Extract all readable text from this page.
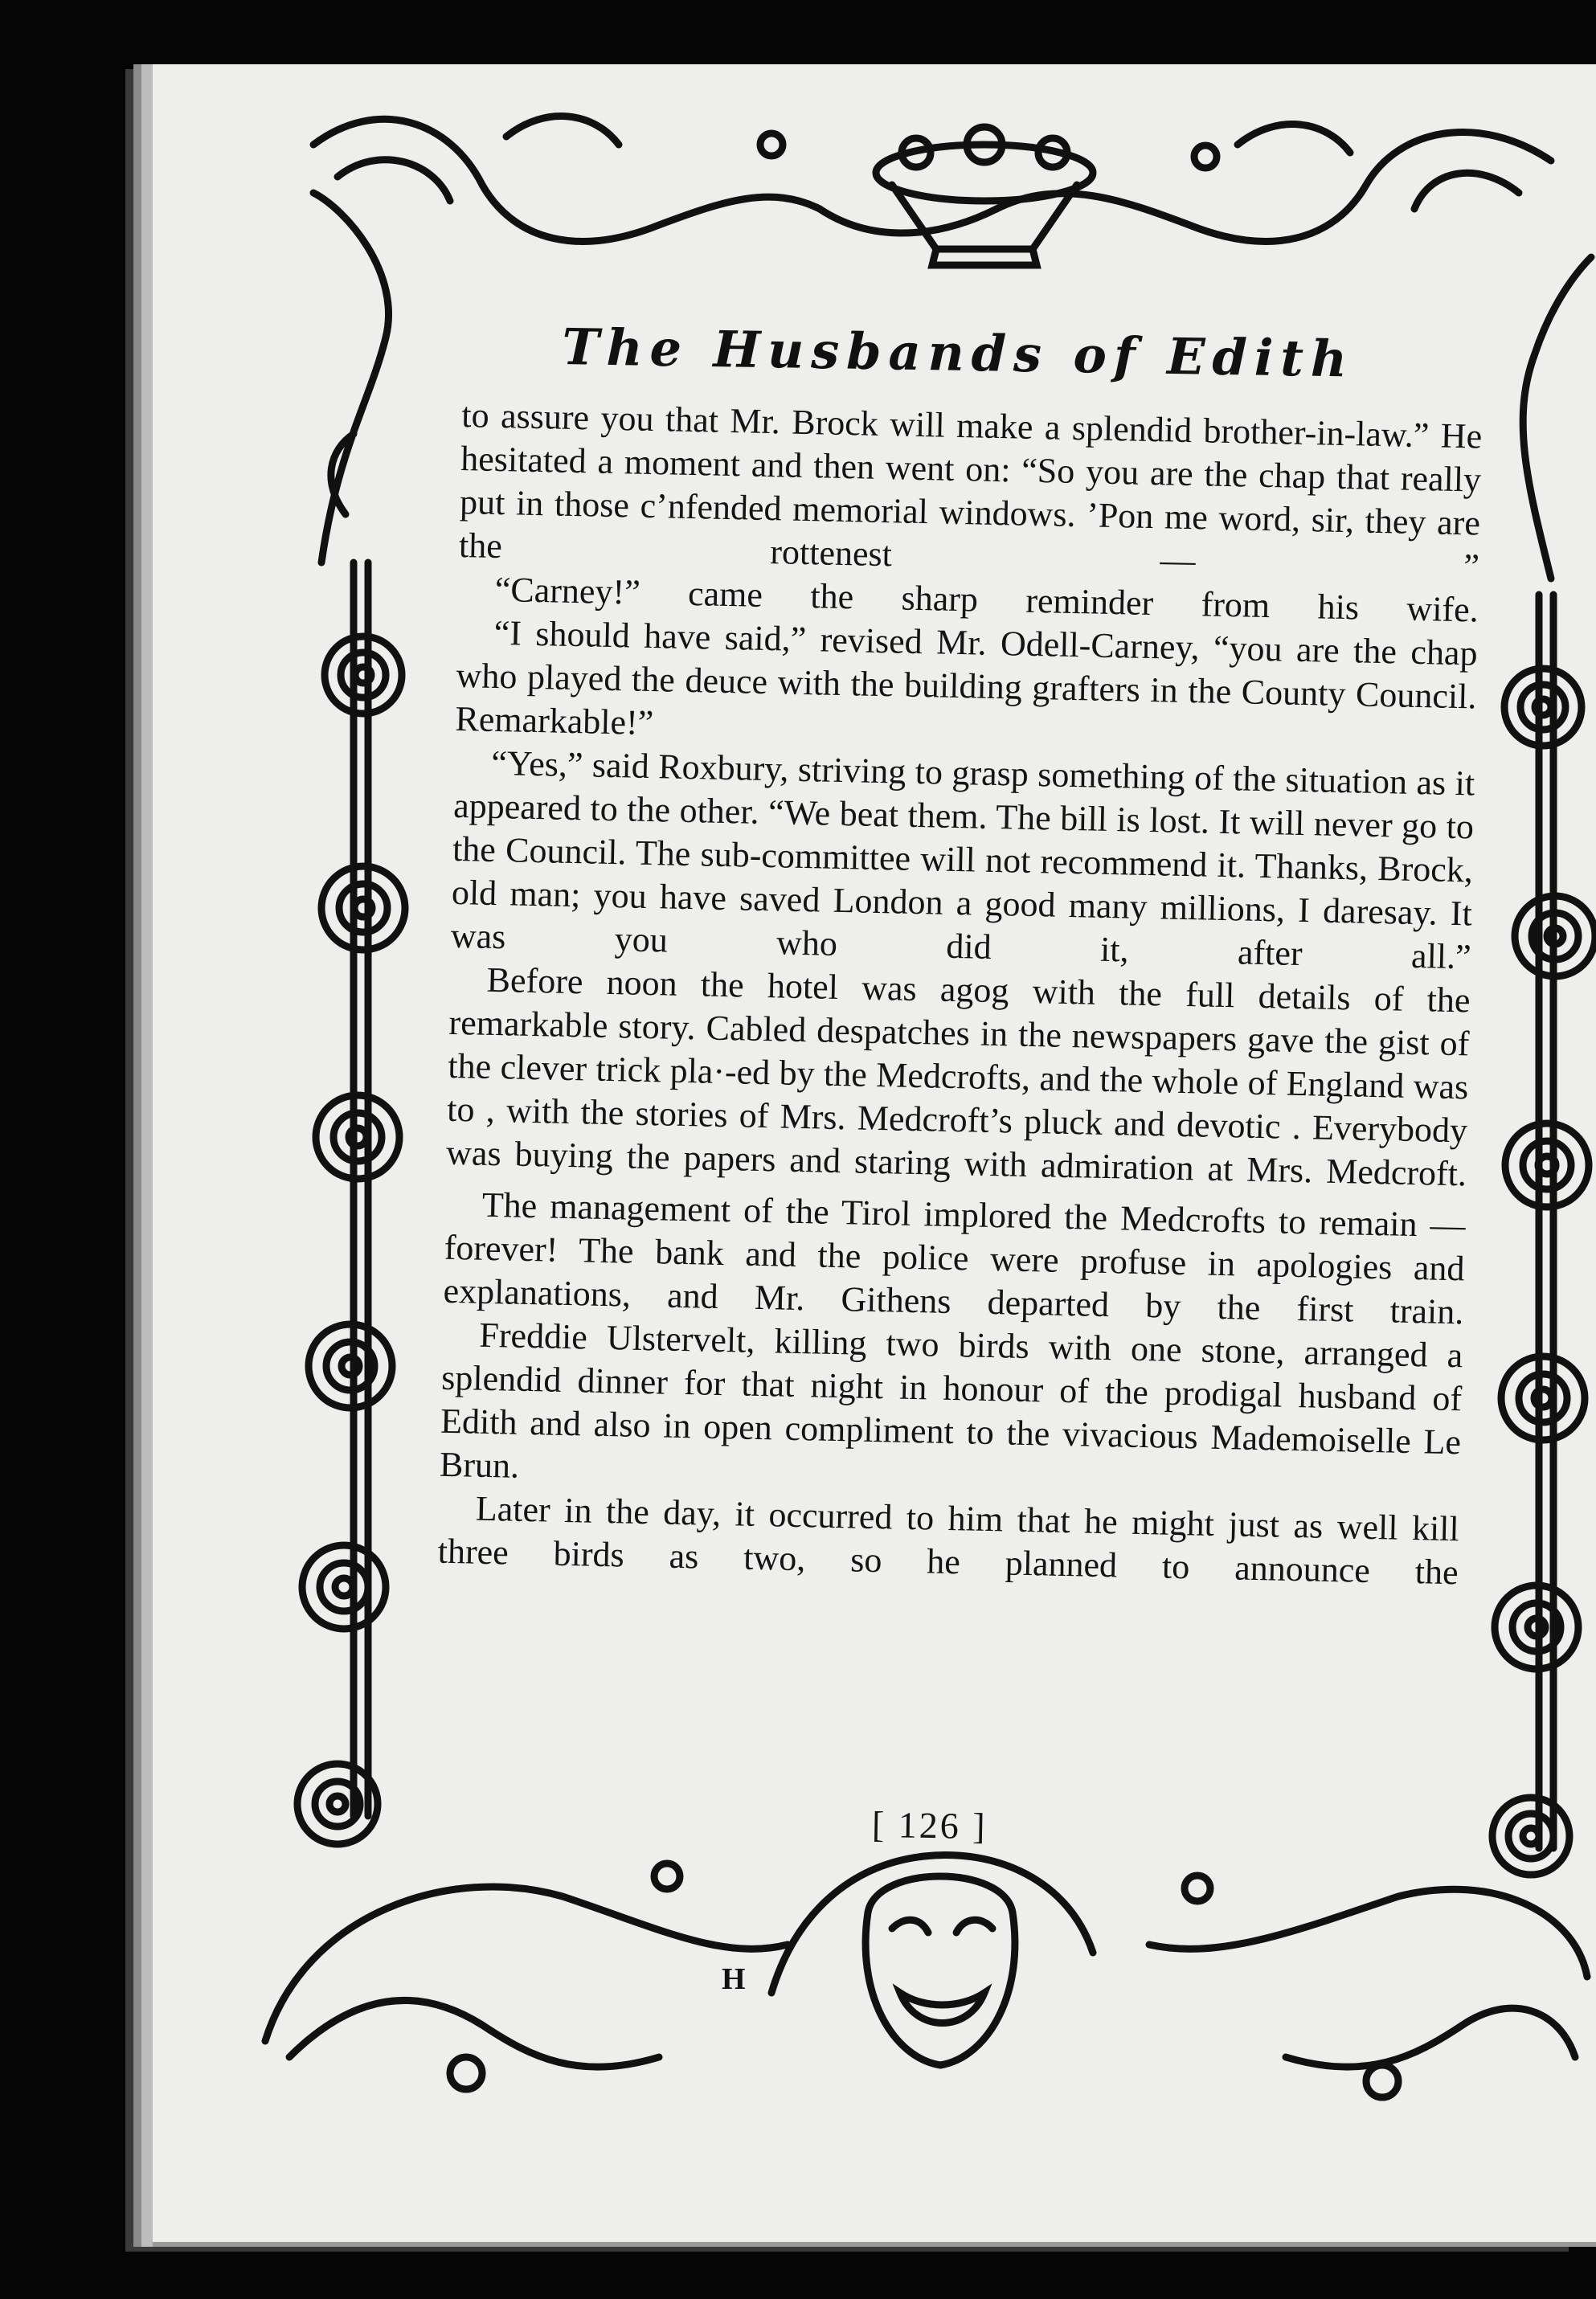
H
The Husbands of Edith

to assure you that Mr. Brock will make a splendid brother-in-law.” He hesitated a moment and then went on: “So you are the chap that really put in those c’nfended memorial windows. ’Pon me word, sir, they are the rottenest — ”

“Carney!” came the sharp reminder from his wife.

“I should have said,” revised Mr. Odell-Carney, “you are the chap who played the deuce with the building grafters in the County Council. Remarkable!”

“Yes,” said Roxbury, striving to grasp something of the situation as it appeared to the other. “We beat them. The bill is lost. It will never go to the Council. The sub-committee will not recommend it. Thanks, Brock, old man; you have saved London a good many millions, I daresay. It was you who did it, after all.”

Before noon the hotel was agog with the full details of the remarkable story. Cabled despatches in the newspapers gave the gist of the clever trick pla·-ed by the Medcrofts, and the whole of England was to , with the stories of Mrs. Medcroft’s pluck and devotic . Everybody was buying the papers and staring with admiration at Mrs. Medcroft.

The management of the Tirol implored the Medcrofts to remain — forever! The bank and the police were profuse in apologies and explanations, and Mr. Githens departed by the first train.

Freddie Ulstervelt, killing two birds with one stone, arranged a splendid dinner for that night in honour of the prodigal husband of Edith and also in open compliment to the vivacious Mademoiselle Le Brun.

Later in the day, it occurred to him that he might just as well kill three birds as two, so he planned to announce the

[ 126 ]
